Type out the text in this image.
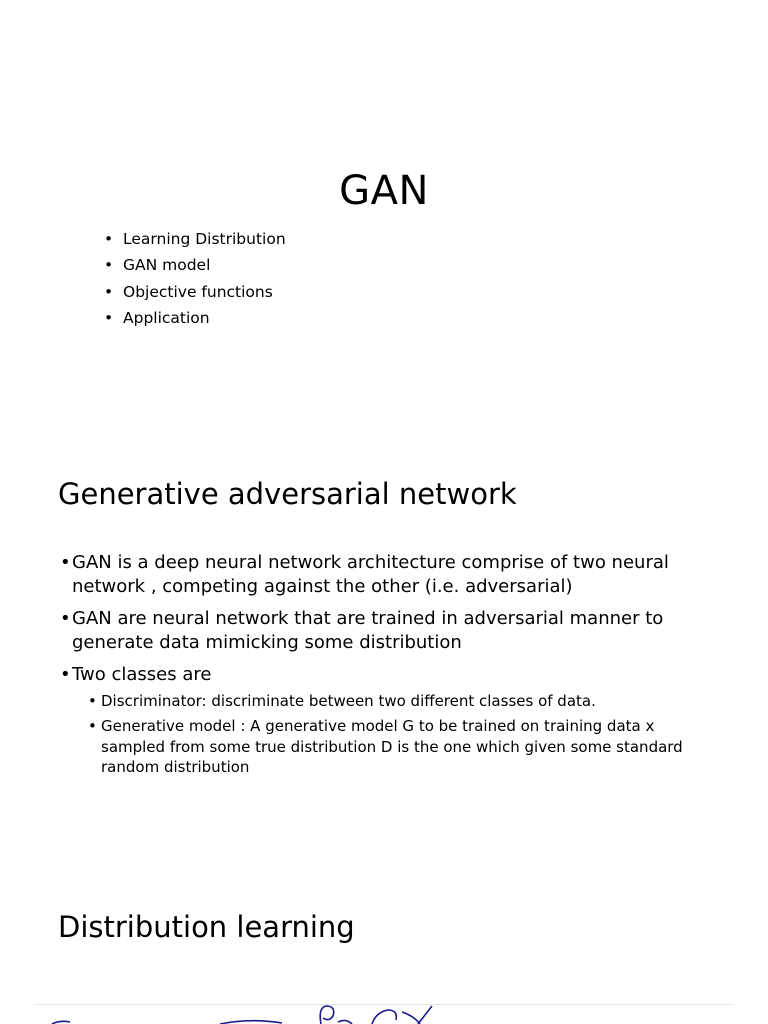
GAN
• Learning Distribution
• GAN model
• Objective functions
• Application
Generative adversarial network
• GAN is a deep neural network architecture comprise of two neural
network , competing against the other (i.e. adversarial)
• GAN are neural network that are trained in adversarial manner to
generate data mimicking some distribution
• Two classes are
• Discriminator: discriminate between two different classes of data.
• Generative model : A generative model G to be trained on training data x
sampled from some true distribution D is the one which given some standard
random distribution
Distribution learning
